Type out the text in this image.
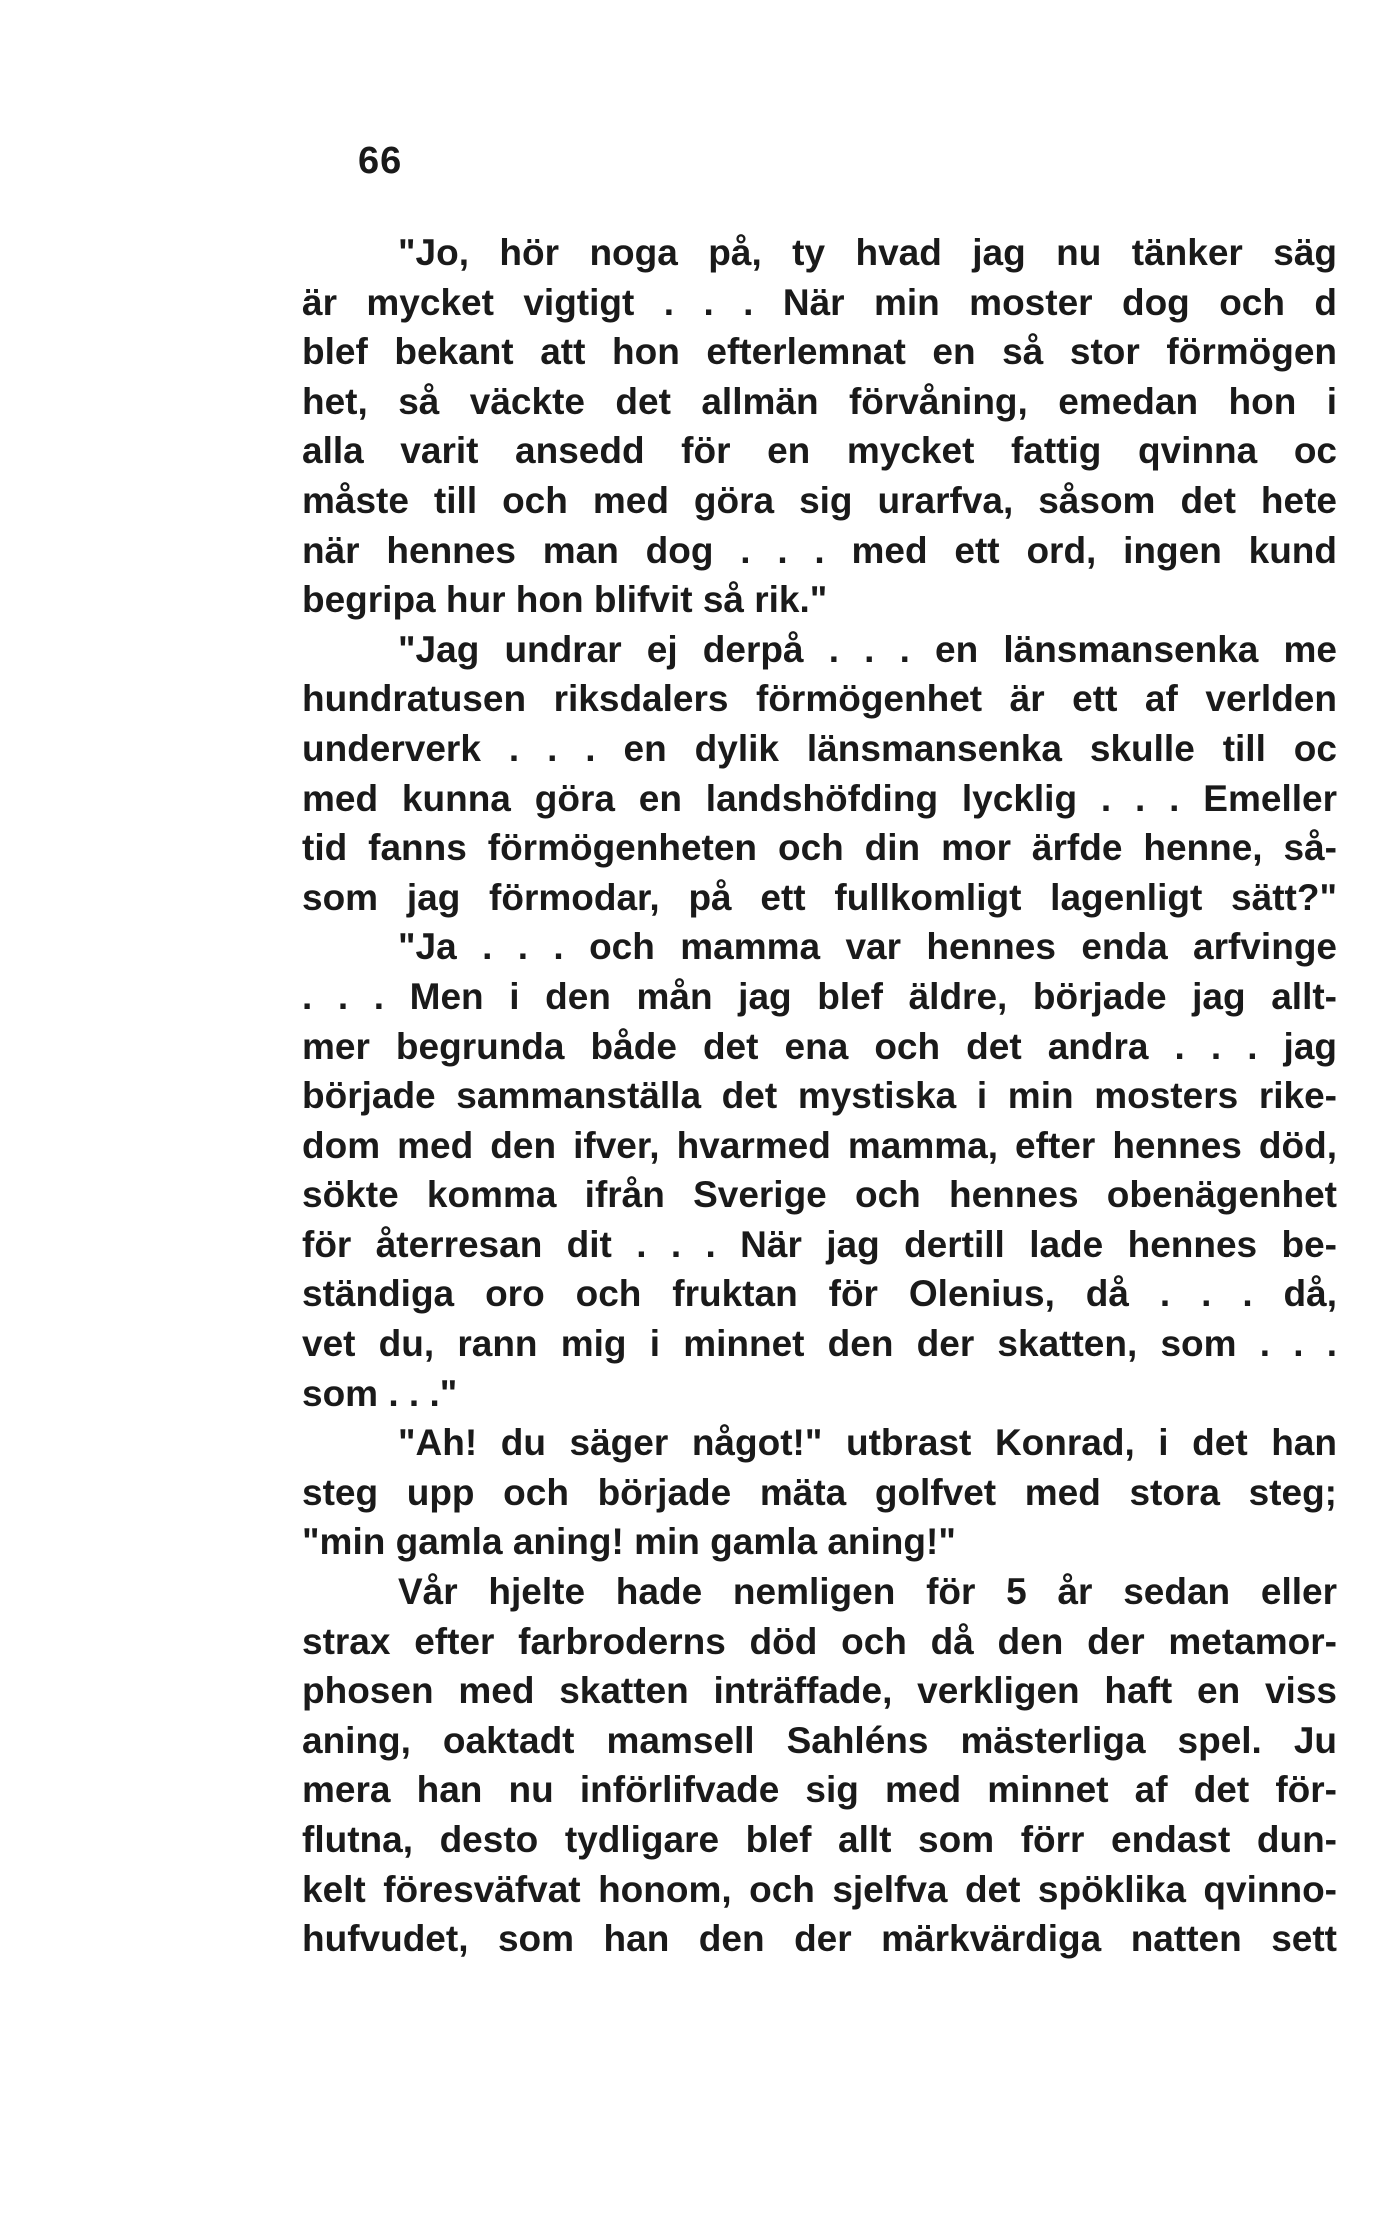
66
"Jo, hör noga på, ty hvad jag nu tänker säg
är mycket vigtigt . . . När min moster dog och d
blef bekant att hon efterlemnat en så stor förmögen
het, så väckte det allmän förvåning, emedan hon i
alla varit ansedd för en mycket fattig qvinna oc
måste till och med göra sig urarfva, såsom det hete
när hennes man dog . . . med ett ord, ingen kund
begripa hur hon blifvit så rik."
"Jag undrar ej derpå . . . en länsmansenka me
hundratusen riksdalers förmögenhet är ett af verlden
underverk . . . en dylik länsmansenka skulle till oc
med kunna göra en landshöfding lycklig . . . Emeller
tid fanns förmögenheten och din mor ärfde henne, så-
som jag förmodar, på ett fullkomligt lagenligt sätt?"
"Ja . . . och mamma var hennes enda arfvinge
. . . Men i den mån jag blef äldre, började jag allt-
mer begrunda både det ena och det andra . . . jag
började sammanställa det mystiska i min mosters rike-
dom med den ifver, hvarmed mamma, efter hennes död,
sökte komma ifrån Sverige och hennes obenägenhet
för återresan dit . . . När jag dertill lade hennes be-
ständiga oro och fruktan för Olenius, då . . . då,
vet du, rann mig i minnet den der skatten, som . . .
som . . ."
"Ah! du säger något!" utbrast Konrad, i det han
steg upp och började mäta golfvet med stora steg;
"min gamla aning! min gamla aning!"
Vår hjelte hade nemligen för 5 år sedan eller
strax efter farbroderns död och då den der metamor-
phosen med skatten inträffade, verkligen haft en viss
aning, oaktadt mamsell Sahléns mästerliga spel. Ju
mera han nu införlifvade sig med minnet af det för-
flutna, desto tydligare blef allt som förr endast dun-
kelt föresväfvat honom, och sjelfva det spöklika qvinno-
hufvudet, som han den der märkvärdiga natten sett
